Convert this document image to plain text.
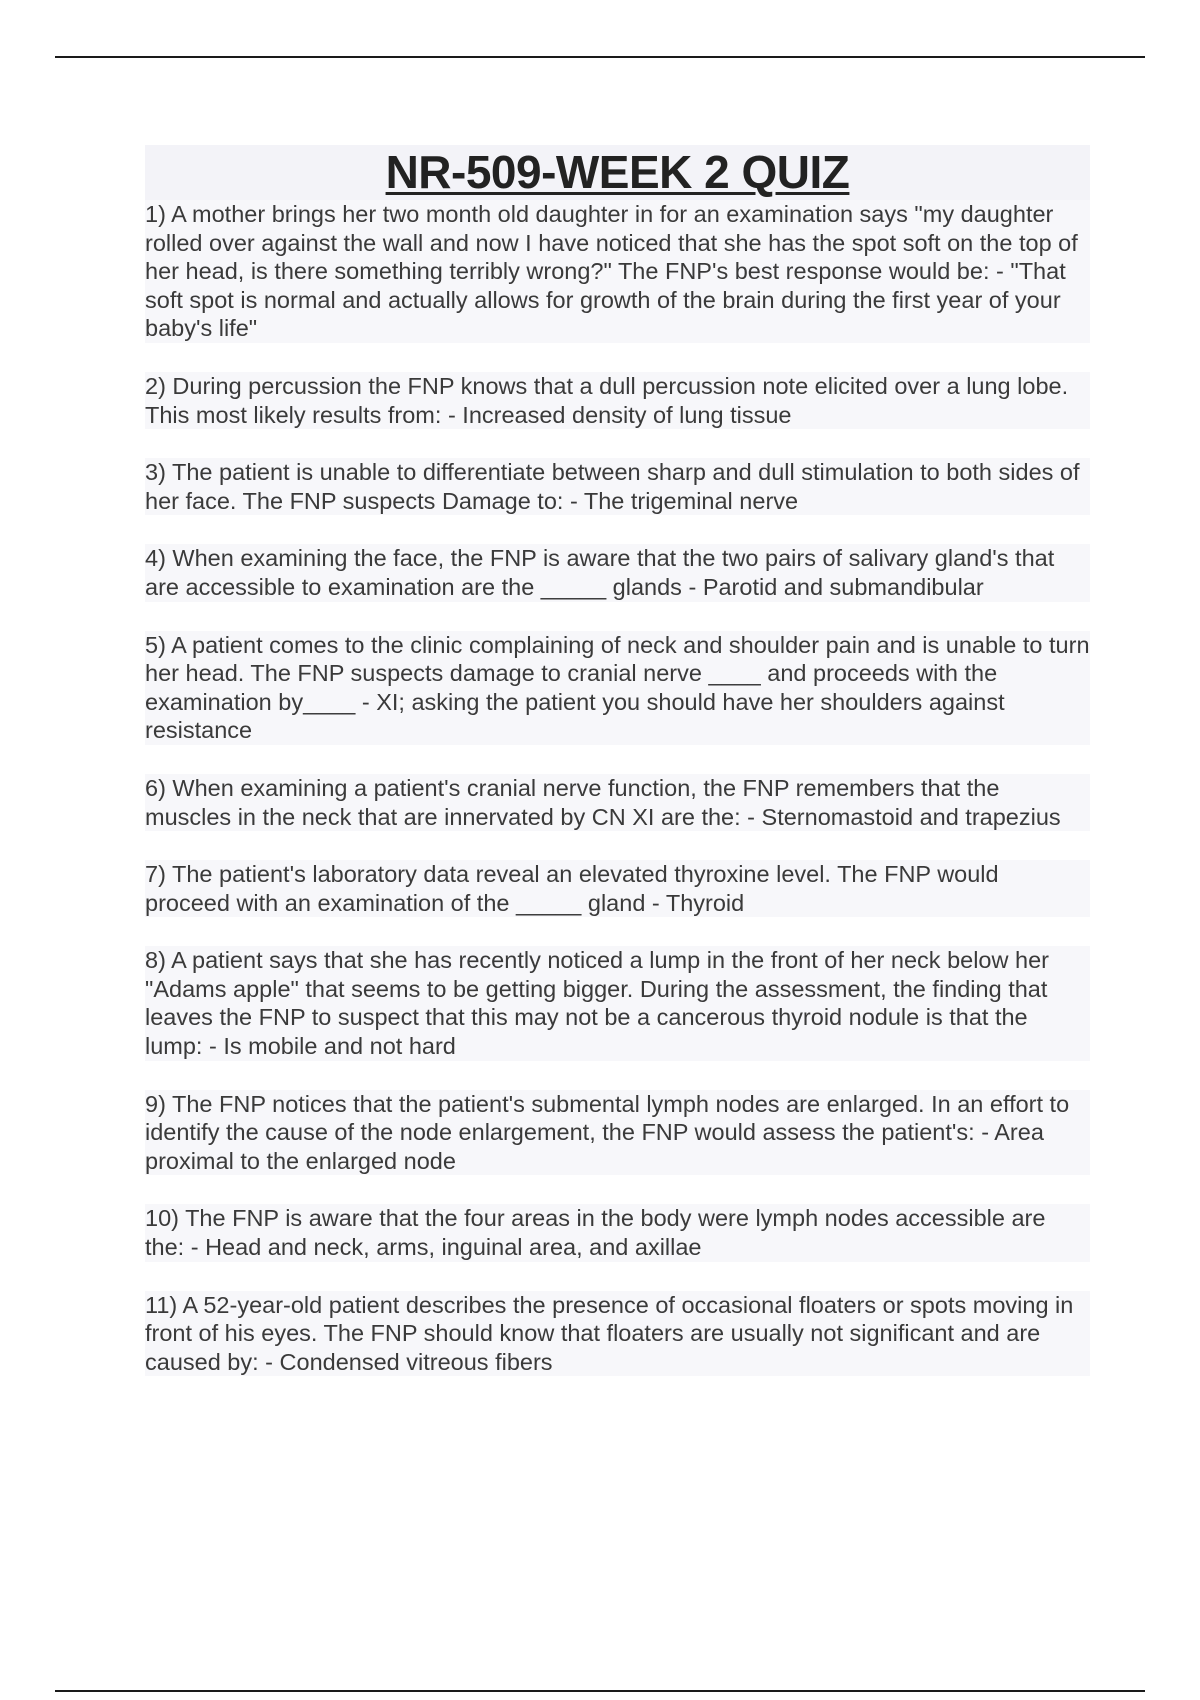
NR-509-WEEK 2 QUIZ

1) A mother brings her two month old daughter in for an examination says "my daughter rolled over against the wall and now I have noticed that she has the spot soft on the top of her head, is there something terribly wrong?" The FNP's best response would be: - "That soft spot is normal and actually allows for growth of the brain during the first year of your baby's life"

2) During percussion the FNP knows that a dull percussion note elicited over a lung lobe. This most likely results from: - Increased density of lung tissue

3) The patient is unable to differentiate between sharp and dull stimulation to both sides of her face. The FNP suspects Damage to: - The trigeminal nerve

4) When examining the face, the FNP is aware that the two pairs of salivary gland's that are accessible to examination are the _____ glands - Parotid and submandibular

5) A patient comes to the clinic complaining of neck and shoulder pain and is unable to turn her head. The FNP suspects damage to cranial nerve ____ and proceeds with the examination by____ - XI; asking the patient you should have her shoulders against resistance

6) When examining a patient's cranial nerve function, the FNP remembers that the muscles in the neck that are innervated by CN XI are the: - Sternomastoid and trapezius

7) The patient's laboratory data reveal an elevated thyroxine level. The FNP would proceed with an examination of the _____ gland - Thyroid

8) A patient says that she has recently noticed a lump in the front of her neck below her "Adams apple" that seems to be getting bigger. During the assessment, the finding that leaves the FNP to suspect that this may not be a cancerous thyroid nodule is that the lump: - Is mobile and not hard

9) The FNP notices that the patient's submental lymph nodes are enlarged. In an effort to identify the cause of the node enlargement, the FNP would assess the patient's: - Area proximal to the enlarged node

10) The FNP is aware that the four areas in the body were lymph nodes accessible are the: - Head and neck, arms, inguinal area, and axillae

11) A 52-year-old patient describes the presence of occasional floaters or spots moving in front of his eyes. The FNP should know that floaters are usually not significant and are caused by: - Condensed vitreous fibers
